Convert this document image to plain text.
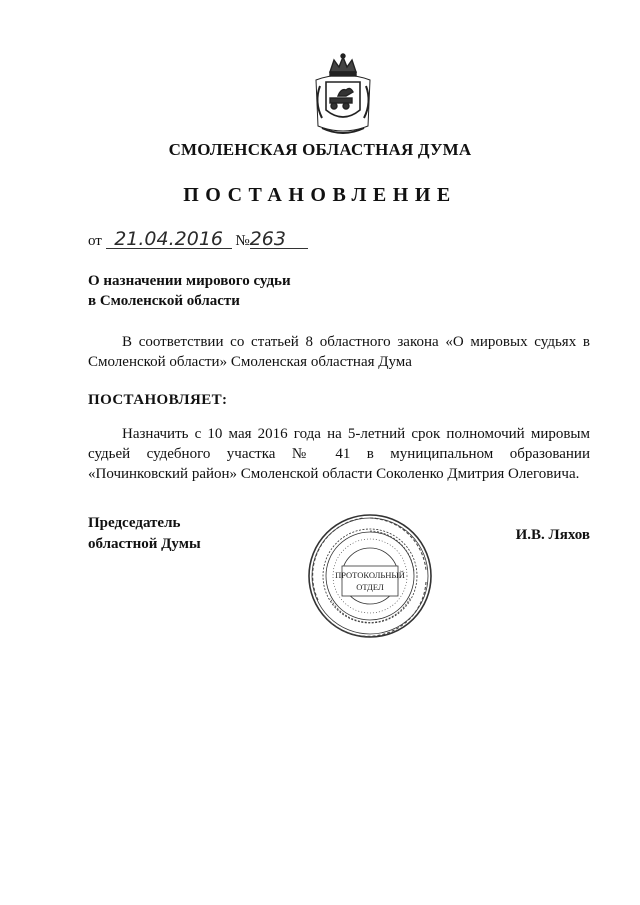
СМОЛЕНСКАЯ ОБЛАСТНАЯ ДУМА
ПОСТАНОВЛЕНИЕ
от 21.04.2016 №263
О назначении мирового судьи
в Смоленской области
В соответствии со статьей 8 областного закона «О мировых судьях в Смоленской области» Смоленская областная Дума
ПОСТАНОВЛЯЕТ:
Назначить с 10 мая 2016 года на 5-летний срок полномочий мировым судьей судебного участка № 41 в муниципальном образовании «Починковский район» Смоленской области Соколенко Дмитрия Олеговича.
Председатель
областной Думы
И.В. Ляхов
ПРОТОКОЛЬНЫЙ
ОТДЕЛ
